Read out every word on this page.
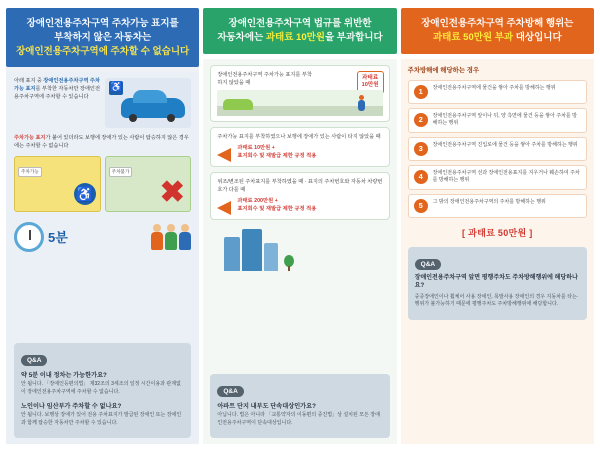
장애인전용주차구역 주차가능 표지를
부착하지 않은 자동차는
장애인전용주차구역에 주차할 수 없습니다
아래 표지 중 장애인전용주차구역 주차가능 표지를 부착한 자동차만 장애인전용주차구역에 주차할 수 있습니다
♿
주차가능 표지가 붙어 있더라도 보행에 장애가 있는 사람이 탑승하지 않은 경우에는 주차할 수 없습니다
주차가능
♿
주차불가
✖
5분
Q&A
약 5분 이내 정차는 가능한가요?
안 됩니다. 「장애인등편의법」 제32조의 3세조의 일정 시간이용과 관계없이 장애인전용주차구역에 주차할 수 없습니다.
노인이나 임산부가 주차할 수 없나요?
안 됩니다. 보행상 장애가 있어 전용 주차표지가 발급된 장애인 또는 장애인과 함께 탑승한 자동차만 주차할 수 있습니다.
장애인전용주차구역 법규를 위반한
자동차에는 과태료 10만원을 부과합니다
장애인전용주차구역 주차가능 표지를 부착하지 않았을 때
과태료
10만원
주차가능 표지를 부착하였으나 보행에 장애가 있는 사람이 타지 않았을 때
과태료 10만원 +
표지회수 및 재발급 제한 규정 적용
위조/변조된 주차표지를 부착하였을 때 · 표지의 주차번호와 자동차 차량번호가 다를 때
과태료 200만원 +
표지회수 및 재발급 제한 규정 적용
Q&A
아파트 단지 내부도 단속대상인가요?
아닙니다. 법은 아니라 「교통약자의 이동편의 증진법」상 설치된 모든 장애인전용주차구역이 단속대상입니다.
장애인전용주차구역 주차방해 행위는
과태료 50만원 부과 대상입니다
주차방해에 해당하는 경우
1	장애인전용주차구역에 물건을 쌓아 주차를 방해하는 행위
2	장애인전용주차구역 앞이나 뒤, 양 측면에 물건 등을 쌓아 주차를 방해하는 행위
3	장애인전용주차구역 진입로에 물건 등을 쌓아 주차를 방해하는 행위
4	장애인전용주차구역 선과 장애인전용표지를 지우거나 훼손하여 주차를 방해하는 행위
5	그 밖의 장애인전용주차구역의 주차를 방해하는 행위
[ 과태료 50만원 ]
Q&A
장애인전용주차구역 앞면 평행주차도 주차방해행위에 해당하나요?
중증장애인이나 휠체어 사용 장애인, 목발사용 장애인의 경우 지동차를 타는·행위가 불가능하기 때문에 평행주차도 주차방해행위에 해당합니다.
